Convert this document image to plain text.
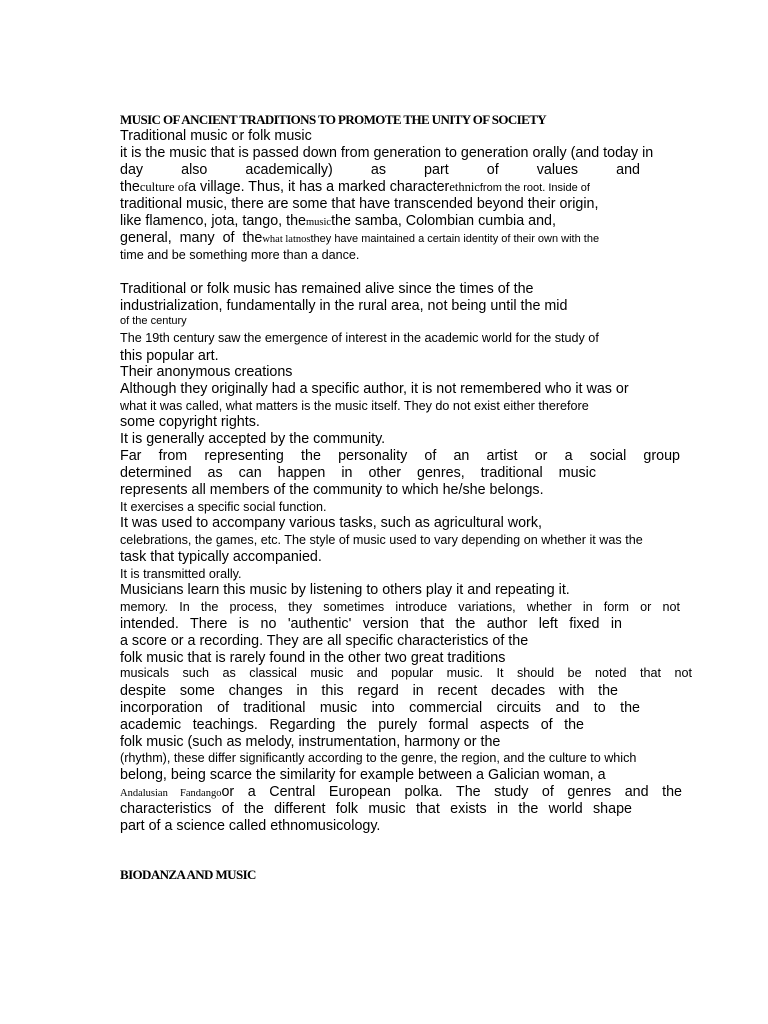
MUSIC OF ANCIENT TRADITIONS TO PROMOTE THE UNITY OF SOCIETY
Traditional music or folk music
it is the music that is passed down from generation to generation orally (and today in
day also academically) as part of values and
theculture ofa village. Thus, it has a marked characterethnicfrom the root. Inside of
traditional music, there are some that have transcended beyond their origin,
like flamenco, jota, tango, themusicthe samba, Colombian cumbia and,
general, many of thewhat latnosthey have maintained a certain identity of their own with the
time and be something more than a dance.
Traditional or folk music has remained alive since the times of the
industrialization, fundamentally in the rural area, not being until the mid
of the century
The 19th century saw the emergence of interest in the academic world for the study of
this popular art.
Their anonymous creations
Although they originally had a specific author, it is not remembered who it was or
what it was called, what matters is the music itself. They do not exist either therefore
some copyright rights.
It is generally accepted by the community.
Far from representing the personality of an artist or a social group
determined as can happen in other genres, traditional music
represents all members of the community to which he/she belongs.
It exercises a specific social function.
It was used to accompany various tasks, such as agricultural work,
celebrations, the games, etc. The style of music used to vary depending on whether it was the
task that typically accompanied.
It is transmitted orally.
Musicians learn this music by listening to others play it and repeating it.
memory. In the process, they sometimes introduce variations, whether in form or not
intended. There is no 'authentic' version that the author left fixed in
a score or a recording. They are all specific characteristics of the
folk music that is rarely found in the other two great traditions
musicals such as classical music and popular music. It should be noted that not
despite some changes in this regard in recent decades with the
incorporation of traditional music into commercial circuits and to the
academic teachings. Regarding the purely formal aspects of the
folk music (such as melody, instrumentation, harmony or the
(rhythm), these differ significantly according to the genre, the region, and the culture to which
belong, being scarce the similarity for example between a Galician woman, a
Andalusian Fandangoor a Central European polka. The study of genres and the
characteristics of the different folk music that exists in the world shape
part of a science called ethnomusicology.
BIODANZA AND MUSIC
